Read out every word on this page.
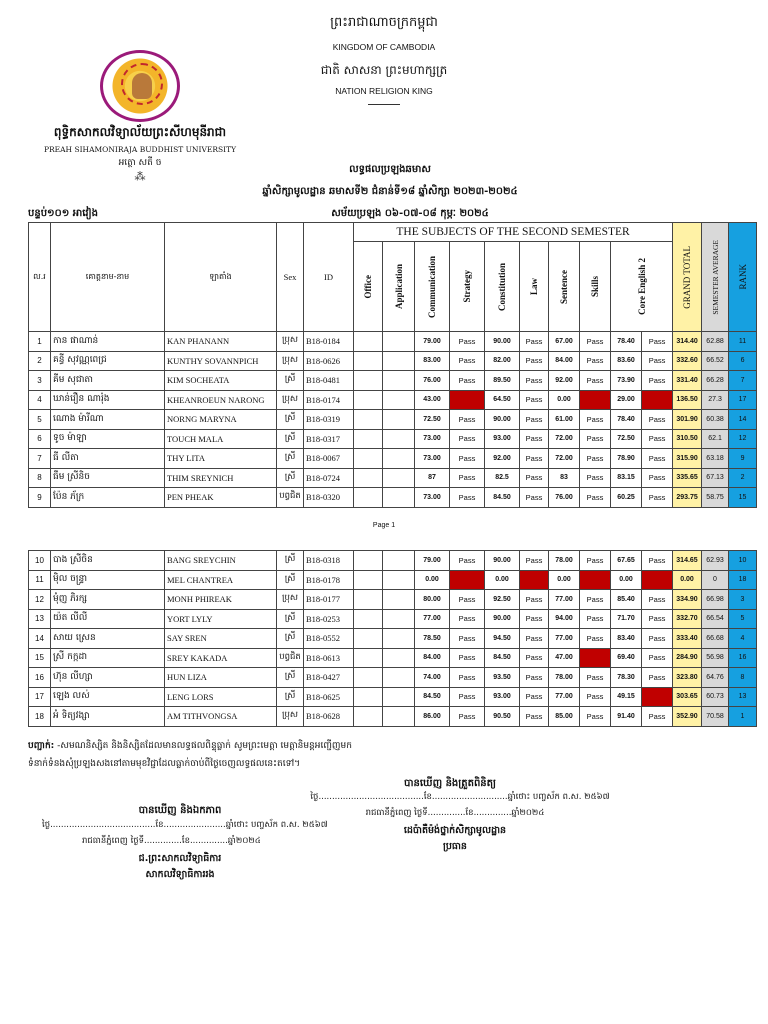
ព្រះរាជាណាចក្រកម្ពុជា
KINGDOM OF CAMBODIA
ជាតិ សាសនា ព្រះមហាក្សត្រ
NATION RELIGION KING
ពុទ្ធិកសាកលវិទ្យាល័យព្រះសីហមុនីរាជា
PREAH SIHAMONIRAJA BUDDHIST UNIVERSITY
អត្ថោ សតី ច
⁂
លទ្ធផលប្រឡងឆមាស
ឆ្នាំសិក្សាមូលដ្ឋាន ឆមាសទី២ ជំនាន់ទី១៨ ឆ្នាំសិក្សា ២០២៣-២០២៤
បន្ទប់១០១ អាវៀង	សម័យប្រឡង ០៦-០៧-០៨ កុម្ភៈ ២០២៤
ល.រ	គោត្តនាម-នាម	ឡាតាំង	Sex	ID	THE SUBJECTS OF THE SECOND SEMESTER										GRAND TOTAL	SEMESTER AVERAGE	RANK

					Office	Application	Communication	Strategy	Constitution	Law	Sentence	Skills	Core English 2				

1	កាន ផាណាន់	KAN PHANANN	ប្រុស	B18-0184			79.00	Pass	90.00	Pass	67.00	Pass	78.40	Pass	314.40	62.88	11
2	គន្ធី សុវណ្ណពេជ្រ	KUNTHY SOVANNPICH	ប្រុស	B18-0626			83.00	Pass	82.00	Pass	84.00	Pass	83.60	Pass	332.60	66.52	6
3	គីម សុជាតា	KIM SOCHEATA	ស្រី	B18-0481			76.00	Pass	89.50	Pass	92.00	Pass	73.90	Pass	331.40	66.28	7
4	ឃាន់រឿន ណារ៉ុង	KHEANROEUN NARONG	ប្រុស	B18-0174			43.00	Fail	64.50	Pass	0.00	Fail	29.00	Fail	136.50	27.3	17
5	ណោង ម៉ារីណា	NORNG MARYNA	ស្រី	B18-0319			72.50	Pass	90.00	Pass	61.00	Pass	78.40	Pass	301.90	60.38	14
6	ទូច ម៉ាឡា	TOUCH MALA	ស្រី	B18-0317			73.00	Pass	93.00	Pass	72.00	Pass	72.50	Pass	310.50	62.1	12
7	ធី លីតា	THY LITA	ស្រី	B18-0067			73.00	Pass	92.00	Pass	72.00	Pass	78.90	Pass	315.90	63.18	9
8	ធឹម ស្រីនិច	THIM SREYNICH	ស្រី	B18-0724			87	Pass	82.5	Pass	83	Pass	83.15	Pass	335.65	67.13	2
9	ប៉ែន ភ័ក្រ	PEN PHEAK	បព្វជិត	B18-0320			73.00	Pass	84.50	Pass	76.00	Pass	60.25	Pass	293.75	58.75	15
Page 1
10	បាង ស្រីចិន	BANG SREYCHIN	ស្រី	B18-0318			79.00	Pass	90.00	Pass	78.00	Pass	67.65	Pass	314.65	62.93	10
11	ម៉ិល ចន្ទ្រា	MEL CHANTREA	ស្រី	B18-0178			0.00	Fail	0.00	Fail	0.00	Fail	0.00	Fail	0.00	0	18
12	មុំញ ភិរក្ស	MONH PHIREAK	ប្រុស	B18-0177			80.00	Pass	92.50	Pass	77.00	Pass	85.40	Pass	334.90	66.98	3
13	យ៉ត លីលី	YORT LYLY	ស្រី	B18-0253			77.00	Pass	90.00	Pass	94.00	Pass	71.70	Pass	332.70	66.54	5
14	សាយ ស្រេន	SAY SREN	ស្រី	B18-0552			78.50	Pass	94.50	Pass	77.00	Pass	83.40	Pass	333.40	66.68	4
15	ស្រី កក្កដា	SREY KAKADA	បព្វជិត	B18-0613			84.00	Pass	84.50	Pass	47.00	Fail	69.40	Pass	284.90	56.98	16
16	ហ៊ុន លីហ្សា	HUN LIZA	ស្រី	B18-0427			74.00	Pass	93.50	Pass	78.00	Pass	78.30	Pass	323.80	64.76	8
17	ឡេង លស់	LENG LORS	ស្រី	B18-0625			84.50	Pass	93.00	Pass	77.00	Pass	49.15	Fail	303.65	60.73	13
18	អំ ទិត្យវង្សា	AM TITHVONGSA	ប្រុស	B18-0628			86.00	Pass	90.50	Pass	85.00	Pass	91.40	Pass	352.90	70.58	1
បញ្ជាក់: -សមណនិស្សិត និងនិស្សិតដែលមានលទ្ធផលពិន្ទុធ្លាក់ សូមព្រះមេត្តា មេត្តានិមន្តអញ្ជើញមក
ទំនាក់ទំនងសុំប្រឡងសងនៅតាមមុខវិជ្ជាដែលធ្លាក់ចាប់ពីថ្ងៃចេញលទ្ធផលនេះតទៅ។
បានឃើញ និងត្រួតពិនិត្យ
ថ្ងៃ.......................................ខែ............................ឆ្នាំថោះ បញ្ចស័ក ព.ស. ២៥៦៧
រាជធានីភ្នំពេញ ថ្ងៃទី..............ខែ..............ឆ្នាំ២០២៤
ដេប៉ាតឺម៉ង់ថ្នាក់សិក្សាមូលដ្ឋាន
ប្រធាន
បានឃើញ និងឯកភាព
ថ្ងៃ.......................................ខែ.......................ឆ្នាំថោះ បញ្ចស័ក ព.ស. ២៥៦៧
រាជធានីភ្នំពេញ ថ្ងៃទី..............ខែ..............ឆ្នាំ២០២៤
ជ.ព្រះសាកលវិទ្យាធិការ
សាកលវិទ្យាធិការរង
